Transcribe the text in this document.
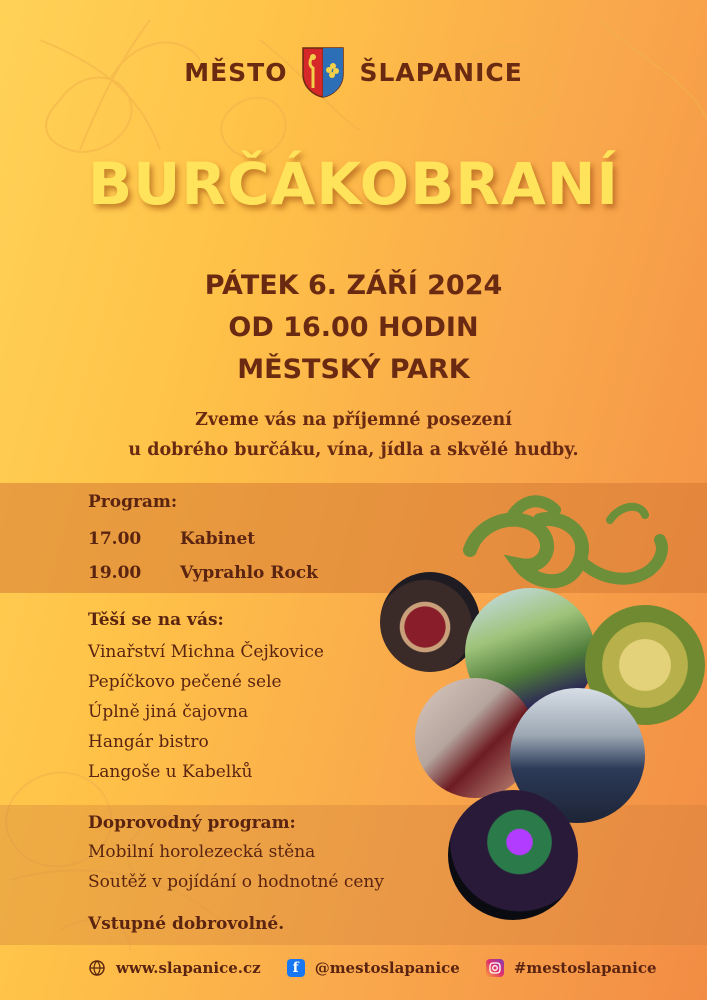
MĚSTO	ŠLAPANICE
BURČÁKOBRANÍ
PÁTEK 6. ZÁŘÍ 2024
OD 16.00 HODIN
MĚSTSKÝ PARK
Zveme vás na příjemné posezení
u dobrého burčáku, vína, jídla a skvělé hudby.
Program:
17.00 Kabinet
19.00 Vyprahlo Rock
Těší se na vás:
Vinařství Michna Čejkovice
Pepíčkovo pečené sele
Úplně jiná čajovna
Hangár bistro
Langoše u Kabelků
Doprovodný program:
Mobilní horolezecká stěna
Soutěž v pojídání o hodnotné ceny
Vstupné dobrovolné.
www.slapanice.cz	f	@mestoslapanice	#mestoslapanice
